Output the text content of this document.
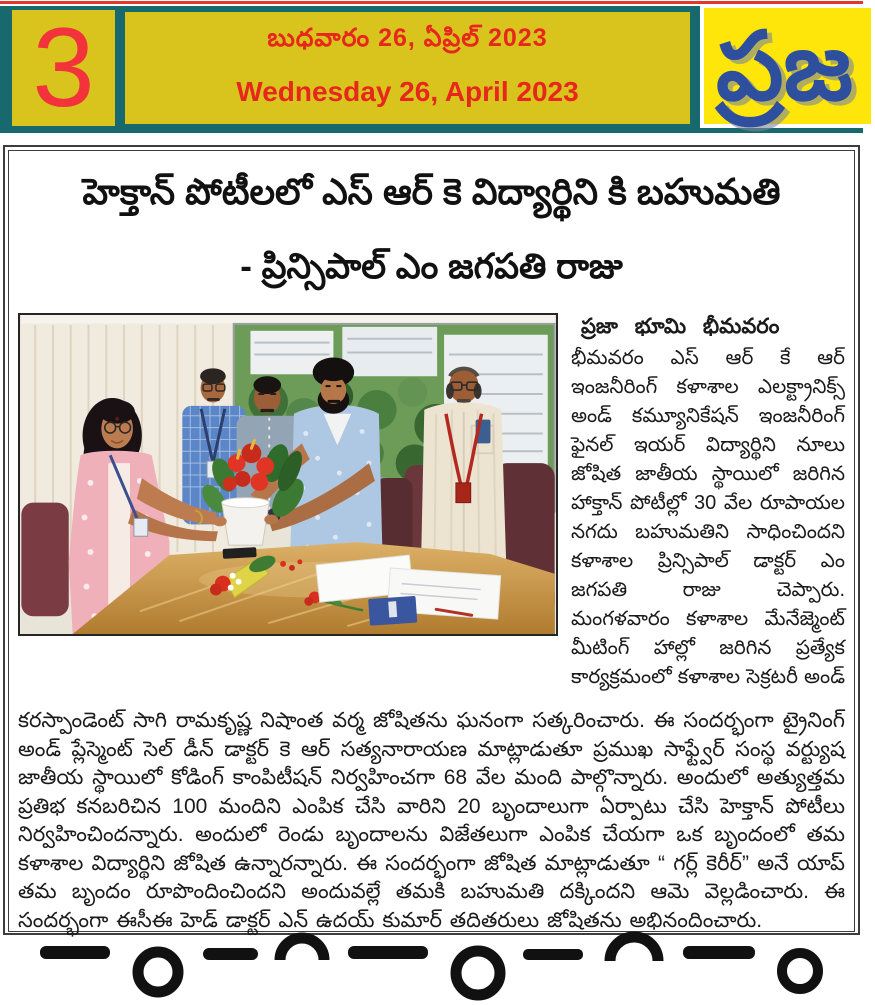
3	బుధవారం 26, ఏప్రిల్ 2023
Wednesday 26, April 2023	ప్రజ
హెక్తాన్ పోటీలలో ఎస్ ఆర్ కె విద్యార్థిని కి బహుమతి
- ప్రిన్సిపాల్ ఎం జగపతి రాజు
ప్రజా భూమి భీమవరం
భీమవరం ఎస్ ఆర్ కే ఆర్ ఇంజనీరింగ్ కళాశాల ఎలక్ట్రానిక్స్ అండ్ కమ్యూనికేషన్ ఇంజనీరింగ్ ఫైనల్ ఇయర్ విద్యార్థిని నూలు జోషిత జాతీయ స్థాయిలో జరిగిన హాక్తాన్ పోటీల్లో 30 వేల రూపాయల నగదు బహుమతిని సాధించిందని కళాశాల ప్రిన్సిపాల్ డాక్టర్ ఎం జగపతి రాజు చెప్పారు. మంగళవారం కళాశాల మేనేజ్మెంట్ మీటింగ్ హాల్లో జరిగిన ప్రత్యేక కార్యక్రమంలో కళాశాల సెక్రటరీ అండ్
కరస్పాండెంట్ సాగి రామకృష్ణ నిషాంత వర్మ జోషితను ఘనంగా సత్కరించారు. ఈ సందర్భంగా ట్రైనింగ్ అండ్ ప్లేస్మెంట్ సెల్ డీన్ డాక్టర్ కె ఆర్ సత్యనారాయణ మాట్లాడుతూ ప్రముఖ సాఫ్ట్వేర్ సంస్థ వర్ట్యుష జాతీయ స్థాయిలో కోడింగ్ కాంపిటీషన్ నిర్వహించగా 68 వేల మంది పాల్గొన్నారు. అందులో అత్యుత్తమ ప్రతిభ కనబరిచిన 100 మందిని ఎంపిక చేసి వారిని 20 బృందాలుగా ఏర్పాటు చేసి హెక్తాన్ పోటీలు నిర్వహించిందన్నారు. అందులో రెండు బృందాలను విజేతలుగా ఎంపిక చేయగా ఒక బృందంలో తమ కళాశాల విద్యార్థిని జోషిత ఉన్నారన్నారు. ఈ సందర్భంగా జోషిత మాట్లాడుతూ “ గర్ల్ కెరీర్” అనే యాప్ తమ బృందం రూపొందించిందని అందువల్లే తమకి బహుమతి దక్కిందని ఆమె వెల్లడించారు. ఈ సందర్భంగా ఈసీఈ హెడ్ డాక్టర్ ఎన్ ఉదయ్ కుమార్ తదితరులు జోషితను అభినందించారు.
